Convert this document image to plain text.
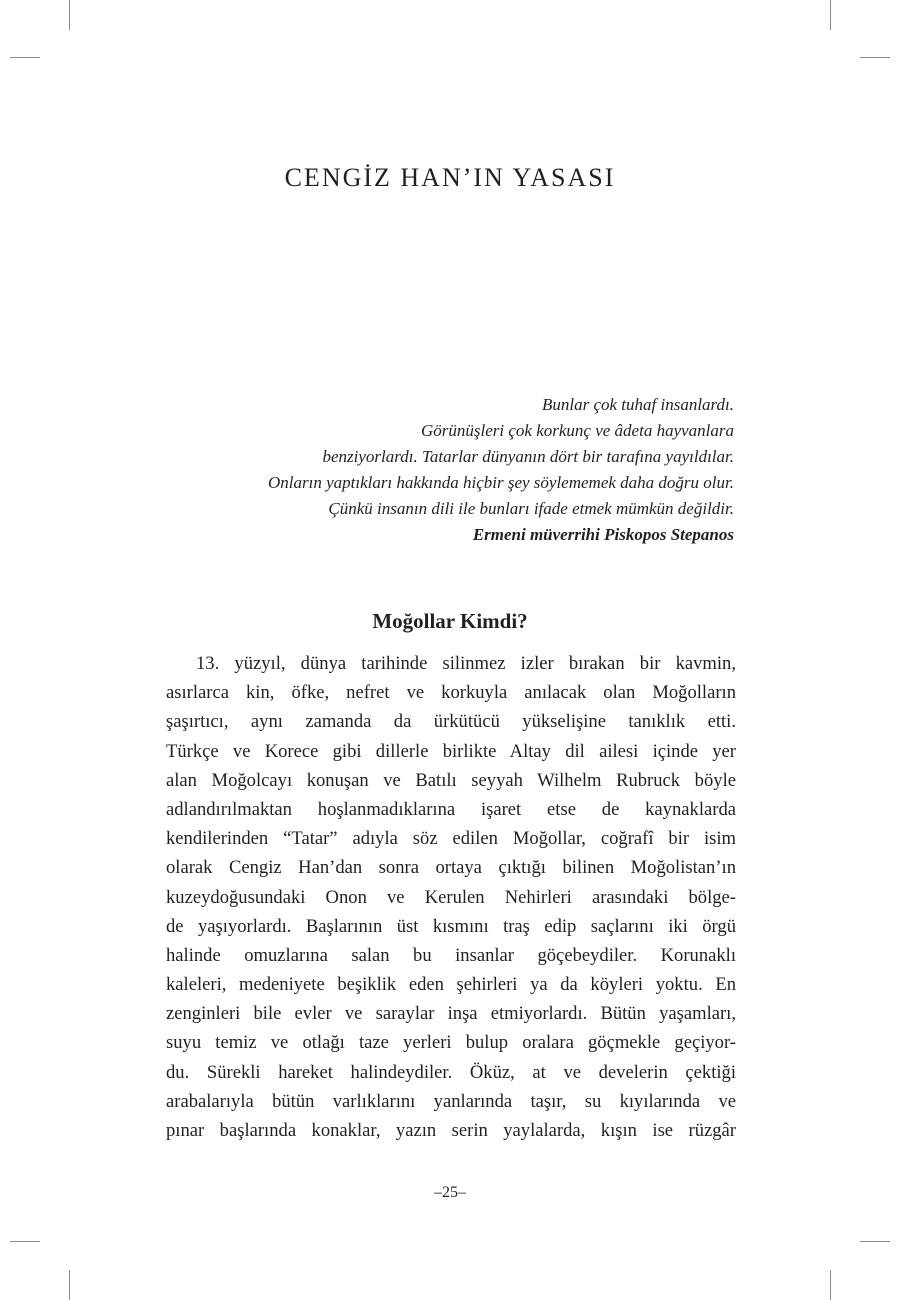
CENGİZ HAN’IN YASASI
Bunlar çok tuhaf insanlardı.
Görünüşleri çok korkunç ve âdeta hayvanlara
benziyorlardı. Tatarlar dünyanın dört bir tarafına yayıldılar.
Onların yaptıkları hakkında hiçbir şey söylememek daha doğru olur.
Çünkü insanın dili ile bunları ifade etmek mümkün değildir.
Ermeni müverrihi Piskopos Stepanos
Moğollar Kimdi?
13. yüzyıl, dünya tarihinde silinmez izler bırakan bir kavmin,
asırlarca kin, öfke, nefret ve korkuyla anılacak olan Moğolların
şaşırtıcı, aynı zamanda da ürkütücü yükselişine tanıklık etti.
Türkçe ve Korece gibi dillerle birlikte Altay dil ailesi içinde yer
alan Moğolcayı konuşan ve Batılı seyyah Wilhelm Rubruck böyle
adlandırılmaktan hoşlanmadıklarına işaret etse de kaynaklarda
kendilerinden “Tatar” adıyla söz edilen Moğollar, coğrafî bir isim
olarak Cengiz Han’dan sonra ortaya çıktığı bilinen Moğolistan’ın
kuzeydoğusundaki Onon ve Kerulen Nehirleri arasındaki bölge-
de yaşıyorlardı. Başlarının üst kısmını traş edip saçlarını iki örgü
halinde omuzlarına salan bu insanlar göçebeydiler. Korunaklı
kaleleri, medeniyete beşiklik eden şehirleri ya da köyleri yoktu. En
zenginleri bile evler ve saraylar inşa etmiyorlardı. Bütün yaşamları,
suyu temiz ve otlağı taze yerleri bulup oralara göçmekle geçiyor-
du. Sürekli hareket halindeydiler. Öküz, at ve develerin çektiği
arabalarıyla bütün varlıklarını yanlarında taşır, su kıyılarında ve
pınar başlarında konaklar, yazın serin yaylalarda, kışın ise rüzgâr
–25–
